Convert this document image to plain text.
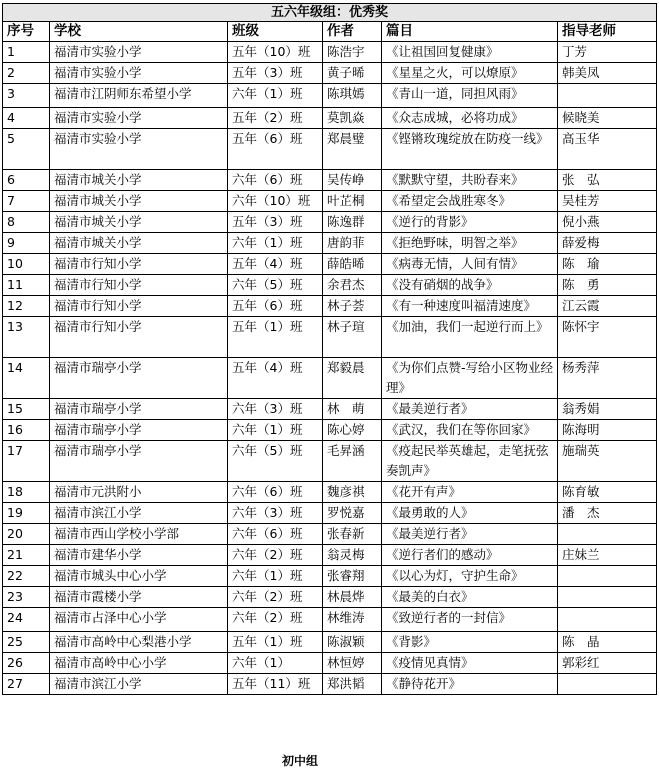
五六年级组：优秀奖					
序号	学校	班级	作者	篇目	指导老师
1	福清市实验小学	五年（10）班	陈浩宇	《让祖国回复健康》	丁芳
2	福清市实验小学	五年（3）班	黄子晞	《星星之火，可以燎原》	韩美凤
3	福清市江阴师东希望小学	六年（1）班	陈琪嫣	《青山一道，同担风雨》	
4	福清市实验小学	五年（2）班	莫凯焱	《众志成城，必将功成》	候晓美
5	福清市实验小学	五年（6）班	郑晨璧	《铿锵玫瑰绽放在防疫一线》	高玉华
6	福清市城关小学	六年（6）班	吴传峥	《默默守望，共盼春来》	张　弘
7	福清市城关小学	六年（10）班	叶芷桐	《希望定会战胜寒冬》	吴桂芳
8	福清市城关小学	五年（3）班	陈逸群	《逆行的背影》	倪小燕
9	福清市城关小学	六年（1）班	唐韵菲	《拒绝野味，明智之举》	薛爱梅
10	福清市行知小学	五年（4）班	薛皓晞	《病毒无情，人间有情》	陈　瑜
11	福清市行知小学	六年（5）班	余君杰	《没有硝烟的战争》	陈　勇
12	福清市行知小学	五年（6）班	林子荟	《有一种速度叫福清速度》	江云霞
13	福清市行知小学	五年（1）班	林子瑄	《加油，我们一起逆行而上》	陈怀宇
14	福清市瑞亭小学	五年（4）班	郑毅晨	《为你们点赞-写给小区物业经理》	杨秀萍
15	福清市瑞亭小学	六年（3）班	林　萌	《最美逆行者》	翁秀娟
16	福清市瑞亭小学	六年（1）班	陈心婷	《武汉，我们在等你回家》	陈海明
17	福清市瑞亭小学	六年（5）班	毛昇涵	《疫起民举英雄起，走笔抚弦奏凯声》	施瑞英
18	福清市元洪附小	六年（6）班	魏彦祺	《花开有声》	陈育敏
19	福清市滨江小学	六年（3）班	罗悦嘉	《最勇敢的人》	潘　杰
20	福清市西山学校小学部	六年（6）班	张春新	《最美逆行者》	
21	福清市建华小学	六年（2）班	翁灵梅	《逆行者们的感动》	庄妹兰
22	福清市城头中心小学	六年（1）班	张睿翔	《以心为灯，守护生命》	
23	福清市霞楼小学	六年（2）班	林晨烨	《最美的白衣》	
24	福清市占泽中心小学	六年（2）班	林维涛	《致逆行者的一封信》	
25	福清市高岭中心梨港小学	五年（1）班	陈淑颖	《背影》	陈　晶
26	福清市高岭中心小学	六年（1）	林恒婷	《疫情见真情》	郭彩红
27	福清市滨江小学	五年（11）班	郑洪韬	《静待花开》	
初中组
